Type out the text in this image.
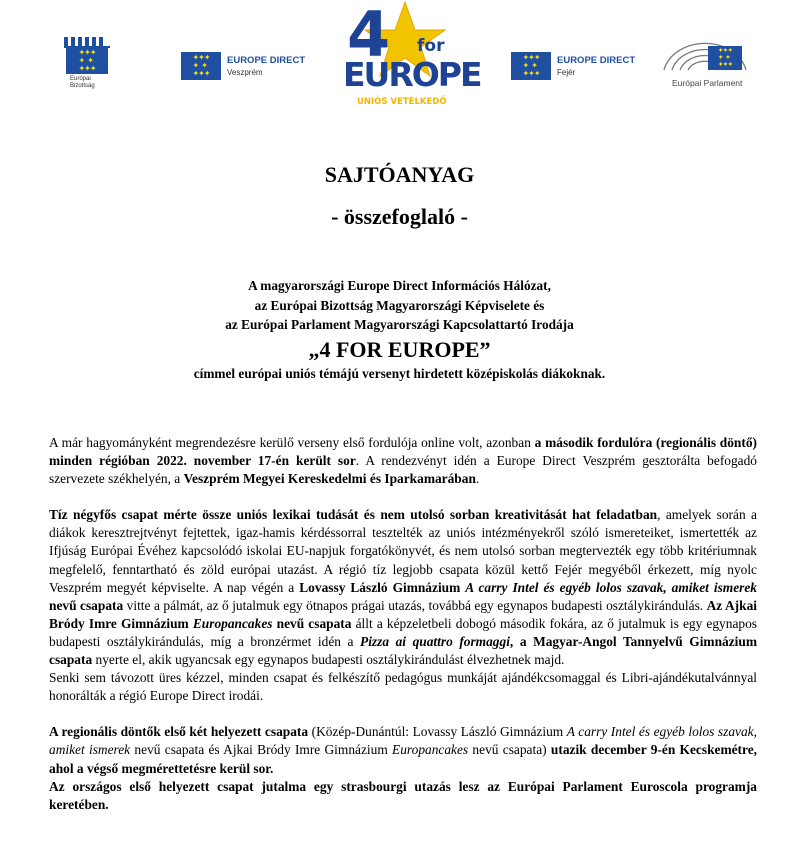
✦✦✦
✦  ✦
✦✦✦
Európai
Bizottság
✦✦✦
✦  ✦
✦✦✦
EUROPE DIRECT
Veszprém
4 for
EUROPE
UNIÓS VETÉLKEDŐ
✦✦✦
✦  ✦
✦✦✦
EUROPE DIRECT
Fejér
✦✦✦
✦  ✦
✦✦✦
Európai Parlament
SAJTÓANYAG
- összefoglaló -
A magyarországi Europe Direct Információs Hálózat,
az Európai Bizottság Magyarországi Képviselete és
az Európai Parlament Magyarországi Kapcsolattartó Irodája
„4 FOR EUROPE”
címmel európai uniós témájú versenyt hirdetett középiskolás diákoknak.

A már hagyományként megrendezésre kerülő verseny első fordulója online volt, azonban a második fordulóra (regionális döntő) minden régióban 2022. november 17-én került sor. A rendezvényt idén a Europe Direct Veszprém gesztorálta befogadó szervezete székhelyén, a Veszprém Megyei Kereskedelmi és Iparkamarában.

Tíz négyfős csapat mérte össze uniós lexikai tudását és nem utolsó sorban kreativitását hat feladatban, amelyek során a diákok keresztrejtvényt fejtettek, igaz-hamis kérdéssorral tesztelték az uniós intézményekről szóló ismereteiket, ismertették az Ifjúság Európai Évéhez kapcsolódó iskolai EU-napjuk forgatókönyvét, és nem utolsó sorban megtervezték egy több kritériumnak megfelelő, fenntartható és zöld európai utazást. A régió tíz legjobb csapata közül kettő Fejér megyéből érkezett, míg nyolc Veszprém megyét képviselte. A nap végén a Lovassy László Gimnázium A carry Intel és egyéb lolos szavak, amiket ismerek nevű csapata vitte a pálmát, az ő jutalmuk egy ötnapos prágai utazás, továbbá egy egynapos budapesti osztálykirándulás. Az Ajkai Bródy Imre Gimnázium Europancakes nevű csapata állt a képzeletbeli dobogó második fokára, az ő jutalmuk is egy egynapos budapesti osztálykirándulás, míg a bronzérmet idén a Pizza ai quattro formaggi, a Magyar-Angol Tannyelvű Gimnázium csapata nyerte el, akik ugyancsak egy egynapos budapesti osztálykirándulást élvezhetnek majd.

Senki sem távozott üres kézzel, minden csapat és felkészítő pedagógus munkáját ajándékcsomaggal és Libri-ajándékutalvánnyal honorálták a régió Europe Direct irodái.

A regionális döntők első két helyezett csapata (Közép-Dunántúl: Lovassy László Gimnázium A carry Intel és egyéb lolos szavak, amiket ismerek nevű csapata és Ajkai Bródy Imre Gimnázium Europancakes nevű csapata) utazik december 9-én Kecskemétre, ahol a végső megmérettetésre kerül sor.

Az országos első helyezett csapat jutalma egy strasbourgi utazás lesz az Európai Parlament Euroscola programja keretében.
